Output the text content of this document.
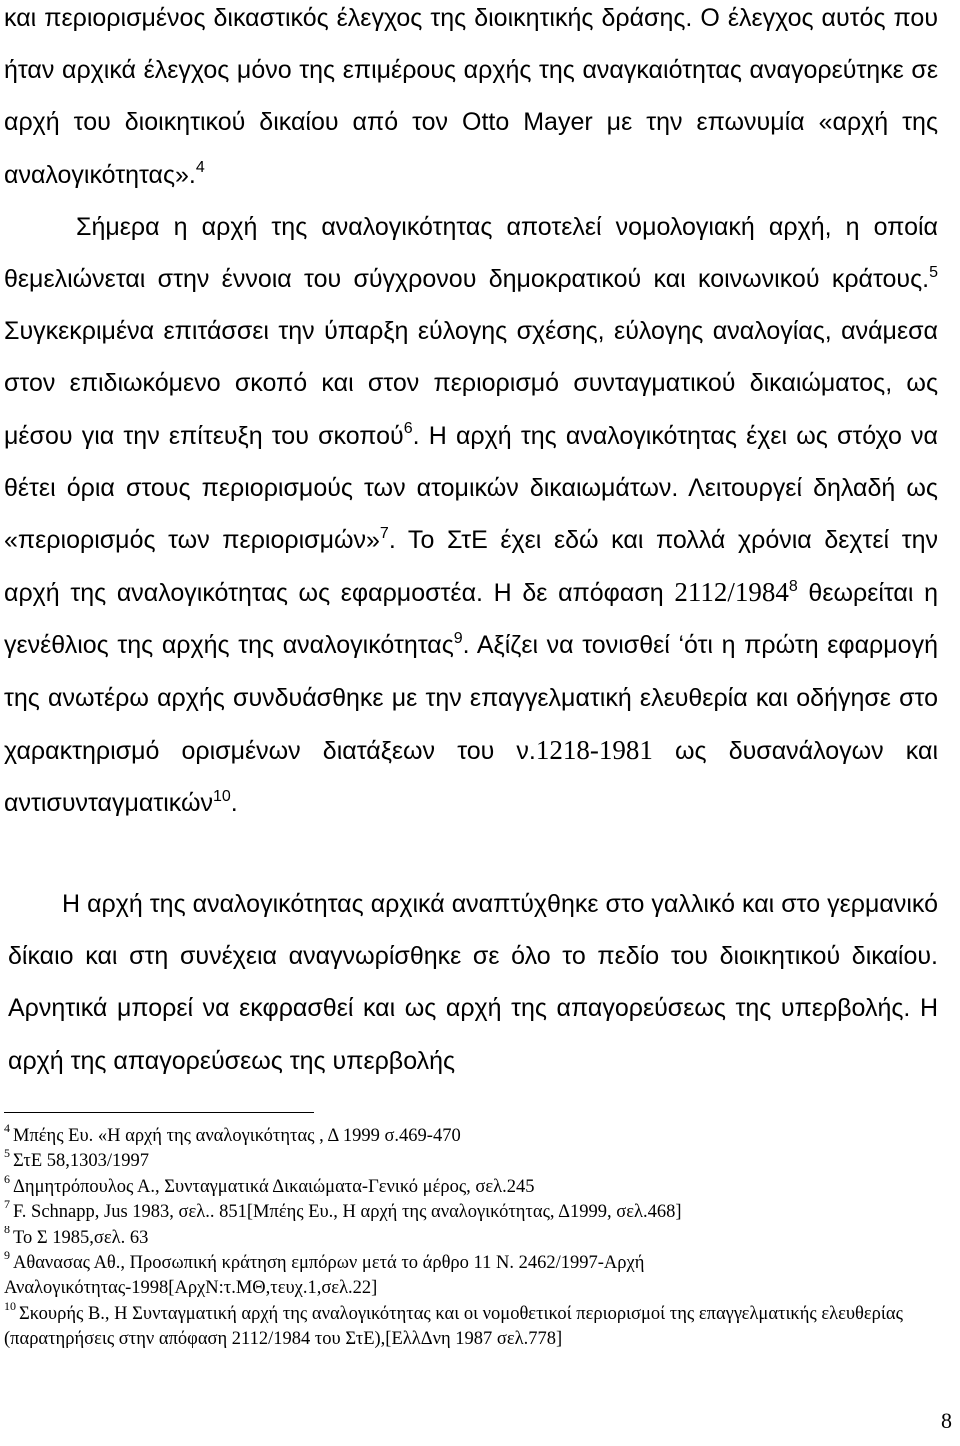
και περιορισμένος δικαστικός έλεγχος της διοικητικής δράσης. Ο έλεγχος αυτός που ήταν αρχικά έλεγχος μόνο της επιμέρους αρχής της αναγκαιότητας αναγορεύτηκε σε αρχή του διοικητικού δικαίου από τον Otto Mayer με την επωνυμία «αρχή της αναλογικότητας».$^4$
Σήμερα η αρχή της αναλογικότητας αποτελεί νομολογιακή αρχή, η οποία θεμελιώνεται στην έννοια του σύγχρονου δημοκρατικού και κοινωνικού κράτους.$^5$ Συγκεκριμένα επιτάσσει την ύπαρξη εύλογης σχέσης, εύλογης αναλογίας, ανάμεσα στον επιδιωκόμενο σκοπό και στον περιορισμό συνταγματικού δικαιώματος, ως μέσου για την επίτευξη του σκοπού$^6$. Η αρχή της αναλογικότητας έχει ως στόχο να θέτει όρια στους περιορισμούς των ατομικών δικαιωμάτων. Λειτουργεί δηλαδή ως «περιορισμός των περιορισμών»$^7$. Το ΣτΕ έχει εδώ και πολλά χρόνια δεχτεί την αρχή της αναλογικότητας ως εφαρμοστέα. Η δε απόφαση 2112/1984$^8$ θεωρείται η γενέθλιος της αρχής της αναλογικότητας$^9$. Αξίζει να τονισθεί ‘ότι η πρώτη εφαρμογή της ανωτέρω αρχής συνδυάσθηκε με την επαγγελματική ελευθερία και οδήγησε στο χαρακτηρισμό ορισμένων διατάξεων του ν.1218-1981 ως δυσανάλογων και αντισυνταγματικών$^{10}$.

Η αρχή της αναλογικότητας αρχικά αναπτύχθηκε στο γαλλικό και στο γερμανικό δίκαιο και στη συνέχεια αναγνωρίσθηκε σε όλο το πεδίο του διοικητικού δικαίου. Αρνητικά μπορεί να εκφρασθεί και ως αρχή της απαγορεύσεως της υπερβολής. Η αρχή της απαγορεύσεως της υπερβολής

$^4$ Μπέης Ευ. «Η αρχή της αναλογικότητας , Δ 1999 σ.469-470

$^5$ ΣτΕ 58,1303/1997

$^6$ Δημητρόπουλος Α., Συνταγματικά Δικαιώματα-Γενικό μέρος, σελ.245

$^7$ F. Schnapp, Jus 1983, σελ.. 851[Μπέης Ευ., Η αρχή της αναλογικότητας, Δ1999, σελ.468]

$^8$ Το Σ 1985,σελ. 63

$^9$ Αθανασας Αθ., Προσωπική κράτηση εμπόρων μετά το άρθρο 11 Ν. 2462/1997-Αρχή Αναλογικότητας-1998[ΑρχΝ:τ.ΜΘ,τευχ.1,σελ.22]

$^{10}$ Σκουρής Β., Η Συνταγματική αρχή της αναλογικότητας και οι νομοθετικοί περιορισμοί της επαγγελματικής ελευθερίας (παρατηρήσεις στην απόφαση 2112/1984 του ΣτΕ),[ΕλλΔνη 1987 σελ.778]

8
